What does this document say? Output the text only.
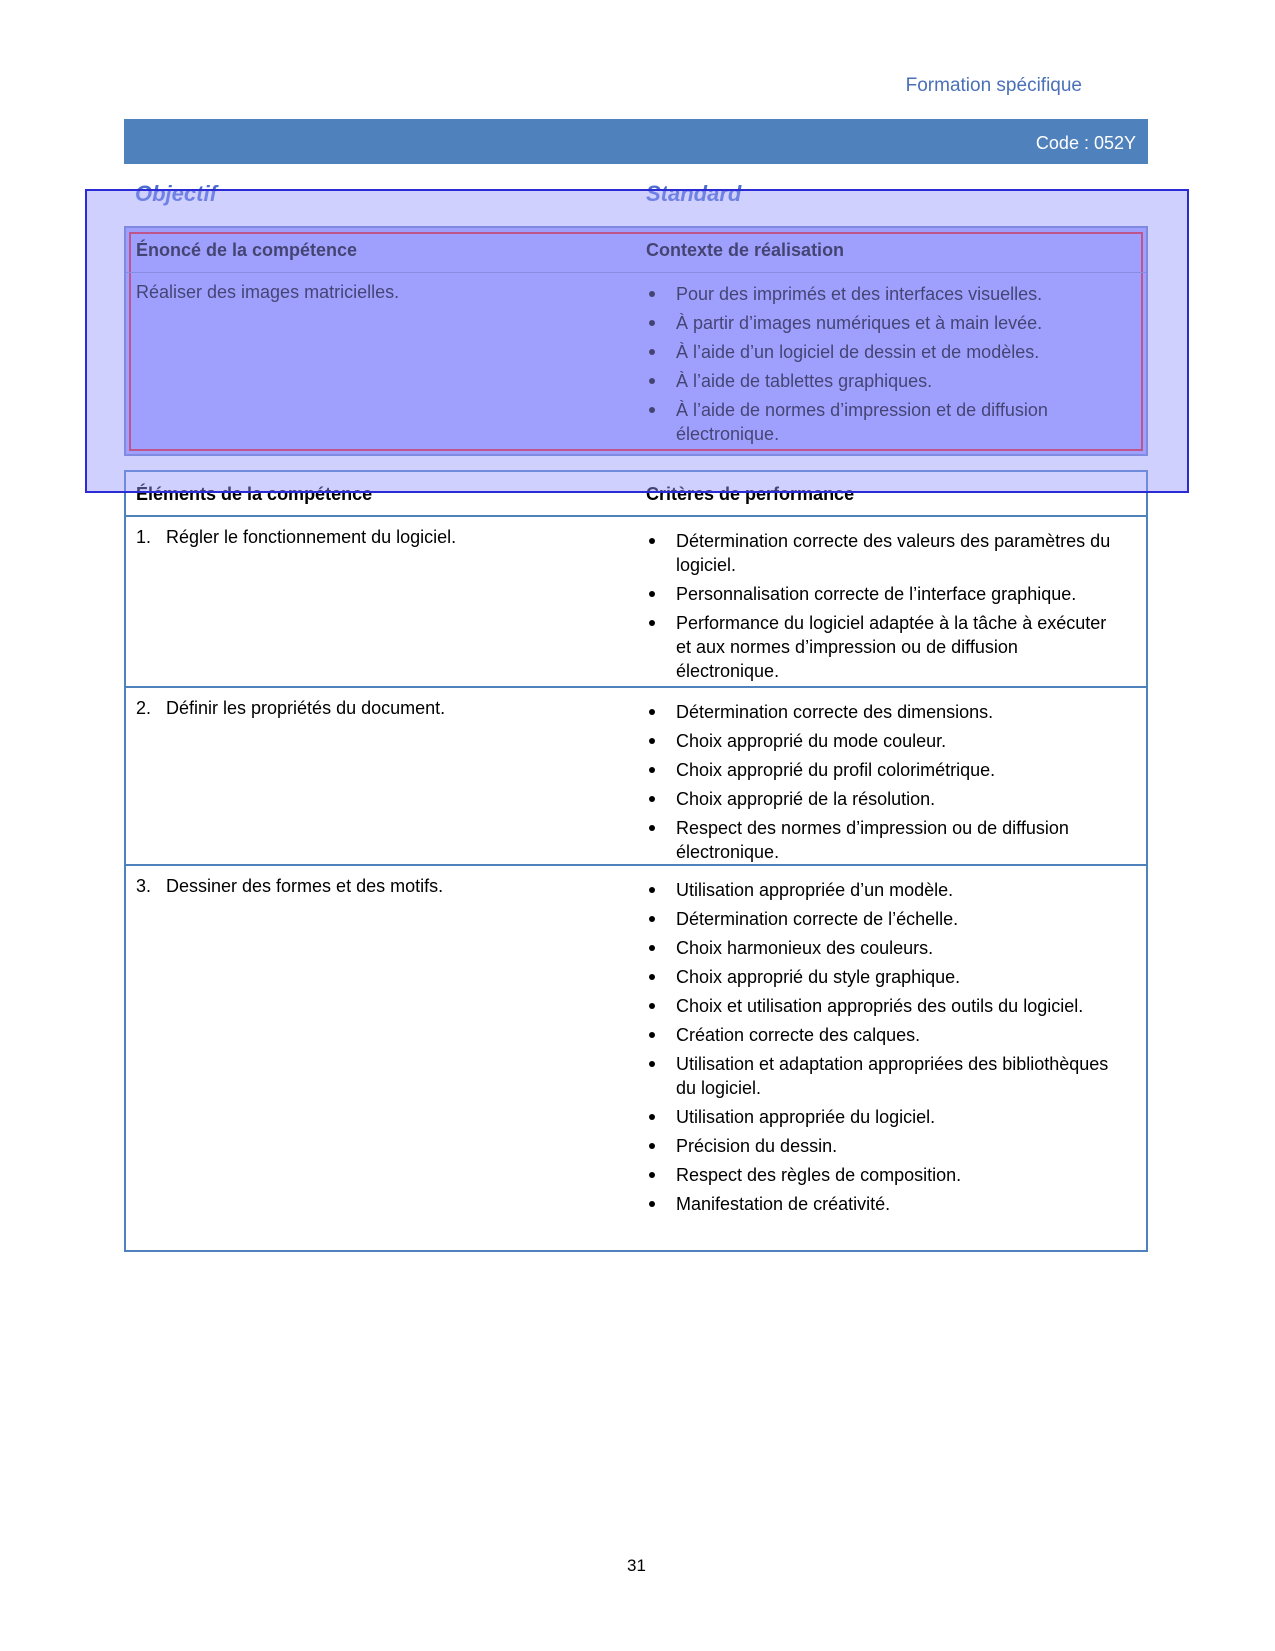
Formation spécifique
Code : 052Y
Objectif	Standard
Énoncé de la compétence	Contexte de réalisation
Réaliser des images matricielles.	Pour des imprimés et des interfaces visuelles.
À partir d’images numériques et à main levée.
À l’aide d’un logiciel de dessin et de modèles.
À l’aide de tablettes graphiques.
À l’aide de normes d’impression et de diffusion électronique.
Éléments de la compétence	Critères de performance
1. Régler le fonctionnement du logiciel.	Détermination correcte des valeurs des paramètres du logiciel.
Personnalisation correcte de l’interface graphique.
Performance du logiciel adaptée à la tâche à exécuter et aux normes d’impression ou de diffusion électronique.
2. Définir les propriétés du document.	Détermination correcte des dimensions.
Choix approprié du mode couleur.
Choix approprié du profil colorimétrique.
Choix approprié de la résolution.
Respect des normes d’impression ou de diffusion électronique.
3. Dessiner des formes et des motifs.	Utilisation appropriée d’un modèle.
Détermination correcte de l’échelle.
Choix harmonieux des couleurs.
Choix approprié du style graphique.
Choix et utilisation appropriés des outils du logiciel.
Création correcte des calques.
Utilisation et adaptation appropriées des bibliothèques du logiciel.
Utilisation appropriée du logiciel.
Précision du dessin.
Respect des règles de composition.
Manifestation de créativité.
31
